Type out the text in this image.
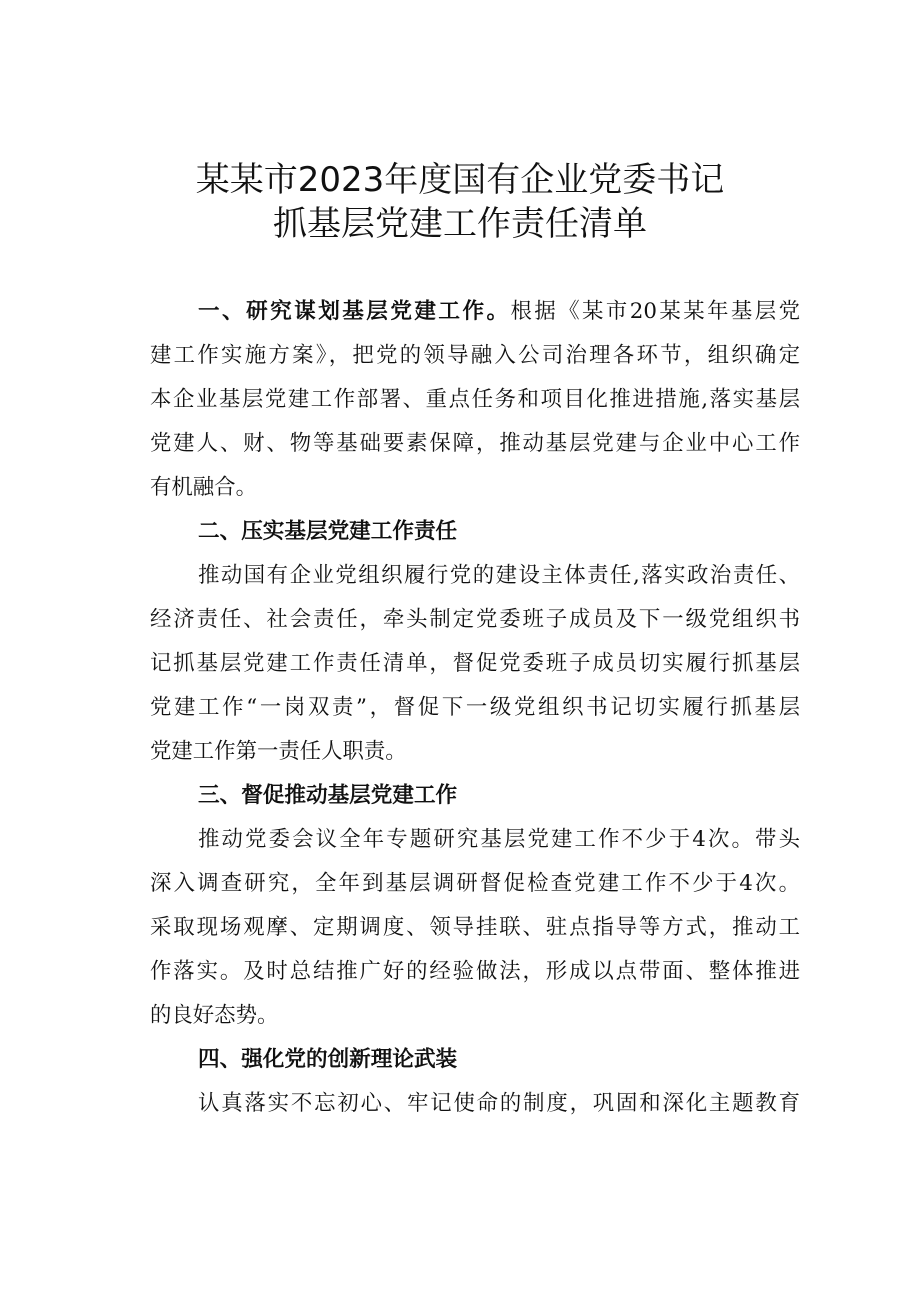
某某市2023年度国有企业党委书记
抓基层党建工作责任清单
一、研究谋划基层党建工作。根据《某市20某某年基层党
建工作实施方案》，把党的领导融入公司治理各环节，组织确定
本企业基层党建工作部署、重点任务和项目化推进措施,落实基层
党建人、财、物等基础要素保障，推动基层党建与企业中心工作
有机融合。
二、压实基层党建工作责任
推动国有企业党组织履行党的建设主体责任,落实政治责任、
经济责任、社会责任，牵头制定党委班子成员及下一级党组织书
记抓基层党建工作责任清单，督促党委班子成员切实履行抓基层
党建工作“一岗双责”，督促下一级党组织书记切实履行抓基层
党建工作第一责任人职责。
三、督促推动基层党建工作
推动党委会议全年专题研究基层党建工作不少于4次。带头
深入调查研究，全年到基层调研督促检查党建工作不少于4次。
采取现场观摩、定期调度、领导挂联、驻点指导等方式，推动工
作落实。及时总结推广好的经验做法，形成以点带面、整体推进
的良好态势。
四、强化党的创新理论武装
认真落实不忘初心、牢记使命的制度，巩固和深化主题教育
